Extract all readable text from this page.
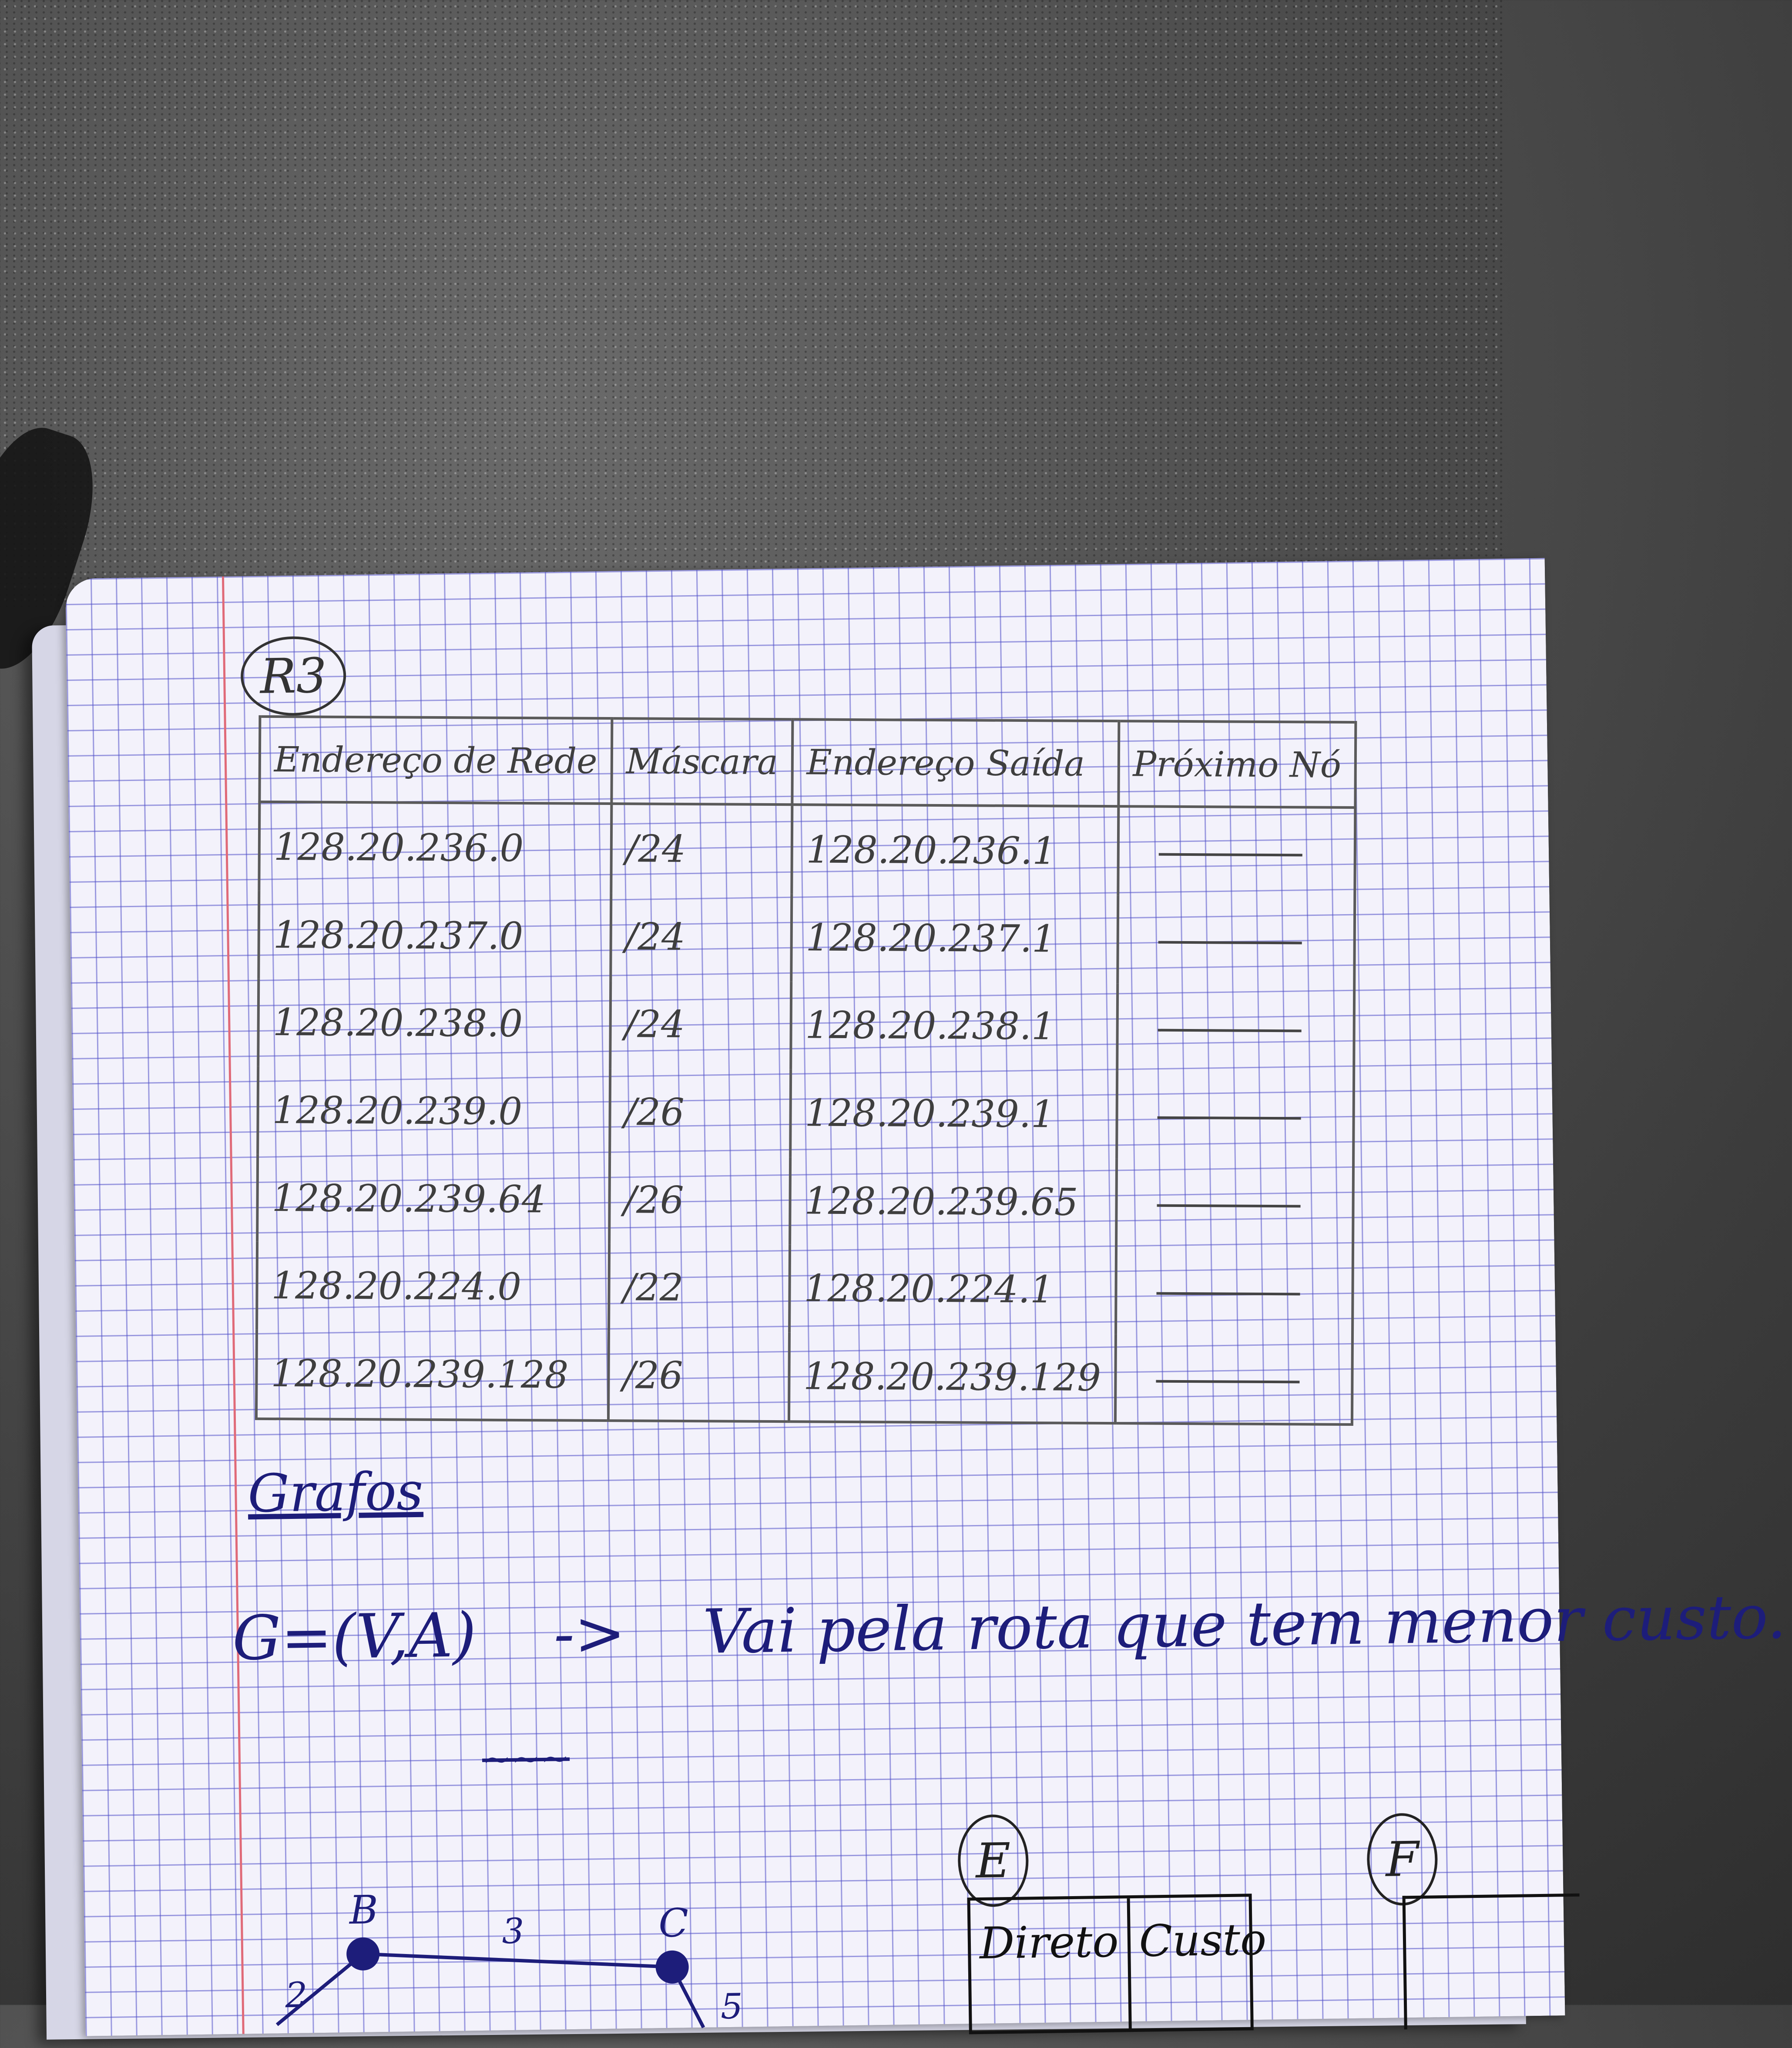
R3
Endereço de Rede	Máscara	Endereço Saída	Próximo Nó
128.20.236.0	/24	128.20.236.1	
128.20.237.0	/24	128.20.237.1	
128.20.238.0	/24	128.20.238.1	
128.20.239.0	/26	128.20.239.1	
128.20.239.64	/26	128.20.239.65	
128.20.224.0	/22	128.20.224.1	
128.20.239.128	/26	128.20.239.129	
Grafos
G=(V,A) -> Vai pela rota que tem menor custo.
~~~
B	C
2
3
5
E	F
Direto Custo
